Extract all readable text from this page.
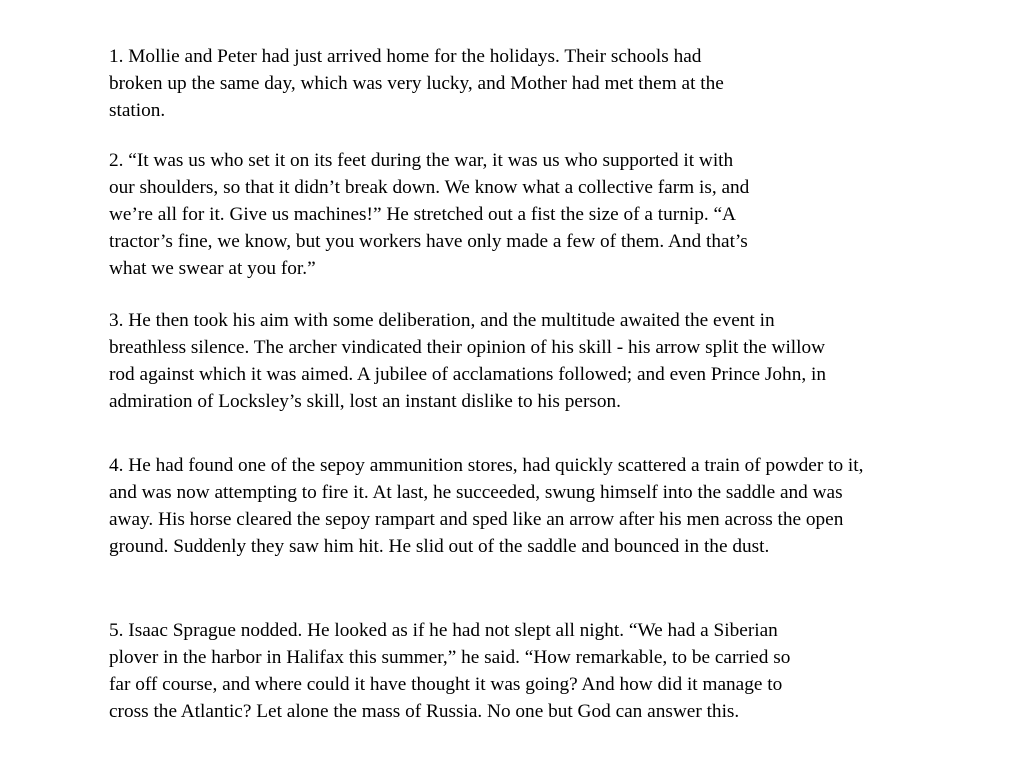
1. Mollie and Peter had just arrived home for the holidays. Their schools had
broken up the same day, which was very lucky, and Mother had met them at the
station.

2. “It was us who set it on its feet during the war, it was us who supported it with
our shoulders, so that it didn’t break down. We know what a collective farm is, and
we’re all for it. Give us machines!” He stretched out a fist the size of a turnip. “A
tractor’s fine, we know, but you workers have only made a few of them. And that’s
what we swear at you for.”

3. He then took his aim with some deliberation, and the multitude awaited the event in
breathless silence. The archer vindicated their opinion of his skill - his arrow split the willow
rod against which it was aimed. A jubilee of acclamations followed; and even Prince John, in
admiration of Locksley’s skill, lost an instant dislike to his person.

4. He had found one of the sepoy ammunition stores, had quickly scattered a train of powder to it,
and was now attempting to fire it. At last, he succeeded, swung himself into the saddle and was
away. His horse cleared the sepoy rampart and sped like an arrow after his men across the open
ground. Suddenly they saw him hit. He slid out of the saddle and bounced in the dust.

5. Isaac Sprague nodded. He looked as if he had not slept all night. “We had a Siberian
plover in the harbor in Halifax this summer,” he said. “How remarkable, to be carried so
far off course, and where could it have thought it was going? And how did it manage to
cross the Atlantic? Let alone the mass of Russia. No one but God can answer this.
